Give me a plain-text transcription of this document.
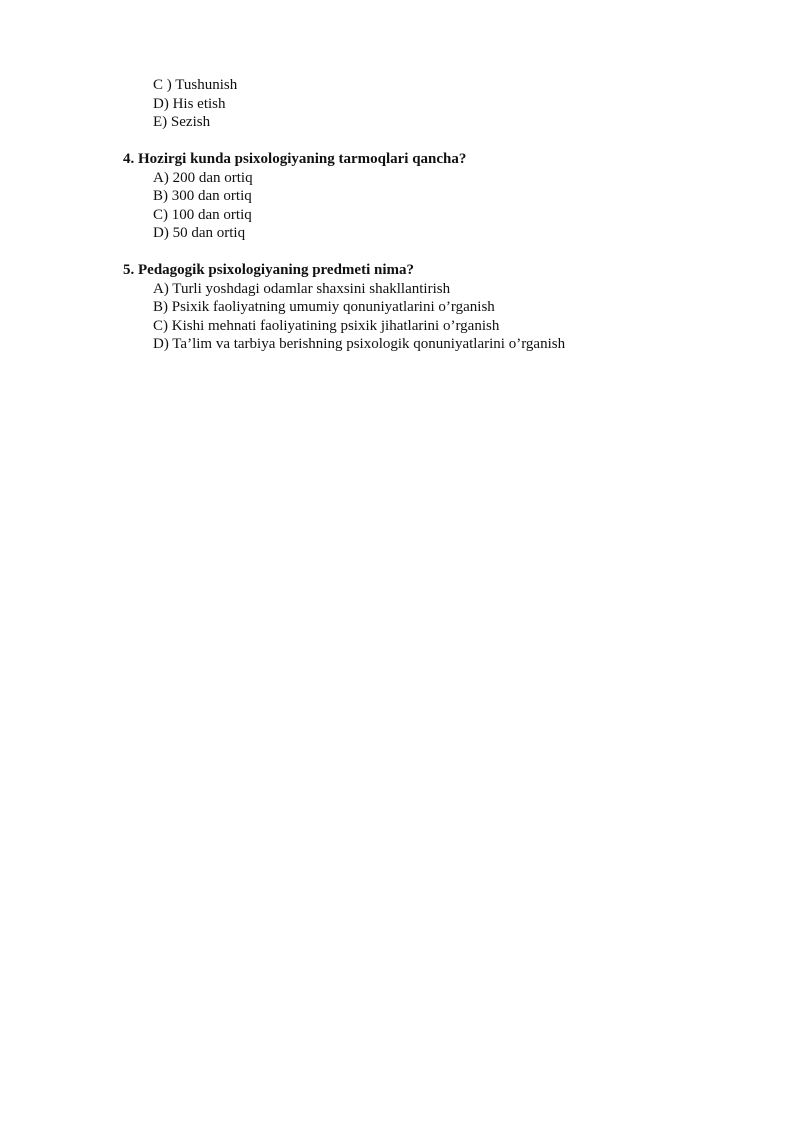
C ) Tushunish
D) His etish
E) Sezish
4. Hozirgi kunda psixologiyaning tarmoqlari qancha?
A) 200 dan ortiq
B) 300 dan ortiq
C) 100 dan ortiq
D) 50 dan ortiq
5. Pedagogik psixologiyaning predmeti nima?
A) Turli yoshdagi odamlar shaxsini shakllantirish
B) Psixik faoliyatning umumiy qonuniyatlarini o’rganish
C) Kishi mehnati faoliyatining psixik jihatlarini o’rganish
D) Ta’lim va tarbiya berishning psixologik qonuniyatlarini o’rganish
